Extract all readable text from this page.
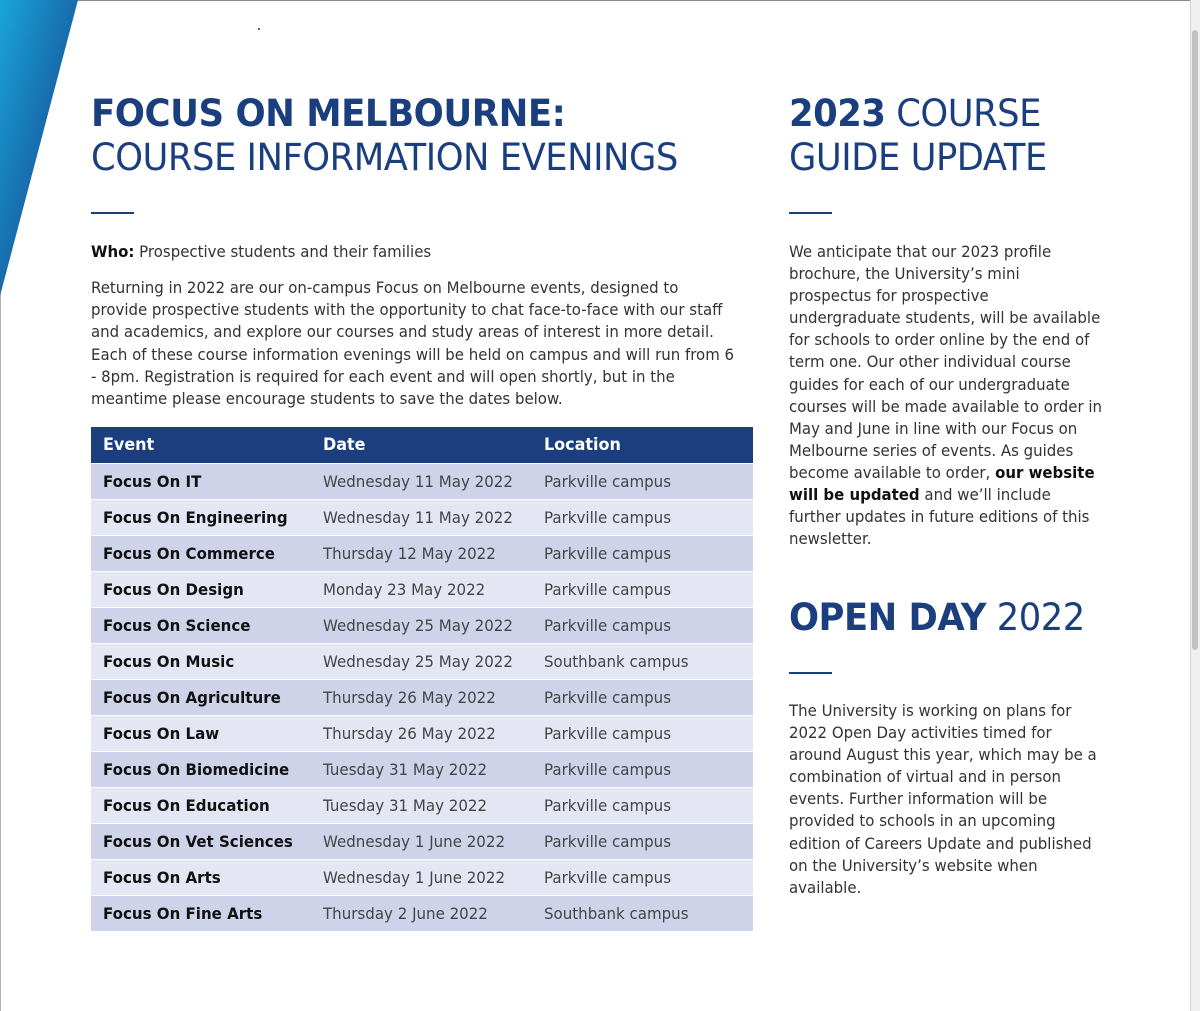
FOCUS ON MELBOURNE:
COURSE INFORMATION EVENINGS

Who: Prospective students and their families

Returning in 2022 are our on-campus Focus on Melbourne events, designed to provide prospective students with the opportunity to chat face-to-face with our staff and academics, and explore our courses and study areas of interest in more detail. Each of these course information evenings will be held on campus and will run from 6 - 8pm. Registration is required for each event and will open shortly, but in the meantime please encourage students to save the dates below.

Event	Date	Location
Focus On IT	Wednesday 11 May 2022	Parkville campus
Focus On Engineering	Wednesday 11 May 2022	Parkville campus
Focus On Commerce	Thursday 12 May 2022	Parkville campus
Focus On Design	Monday 23 May 2022	Parkville campus
Focus On Science	Wednesday 25 May 2022	Parkville campus
Focus On Music	Wednesday 25 May 2022	Southbank campus
Focus On Agriculture	Thursday 26 May 2022	Parkville campus
Focus On Law	Thursday 26 May 2022	Parkville campus
Focus On Biomedicine	Tuesday 31 May 2022	Parkville campus
Focus On Education	Tuesday 31 May 2022	Parkville campus
Focus On Vet Sciences	Wednesday 1 June 2022	Parkville campus
Focus On Arts	Wednesday 1 June 2022	Parkville campus
Focus On Fine Arts	Thursday 2 June 2022	Southbank campus
2023 COURSE
GUIDE UPDATE

We anticipate that our 2023 profile brochure, the University’s mini prospectus for prospective undergraduate students, will be available for schools to order online by the end of term one. Our other individual course guides for each of our undergraduate courses will be made available to order in May and June in line with our Focus on Melbourne series of events. As guides become available to order, our website will be updated and we’ll include further updates in future editions of this newsletter.

OPEN DAY 2022

The University is working on plans for 2022 Open Day activities timed for around August this year, which may be a combination of virtual and in person events. Further information will be provided to schools in an upcoming edition of Careers Update and published on the University’s website when available.
